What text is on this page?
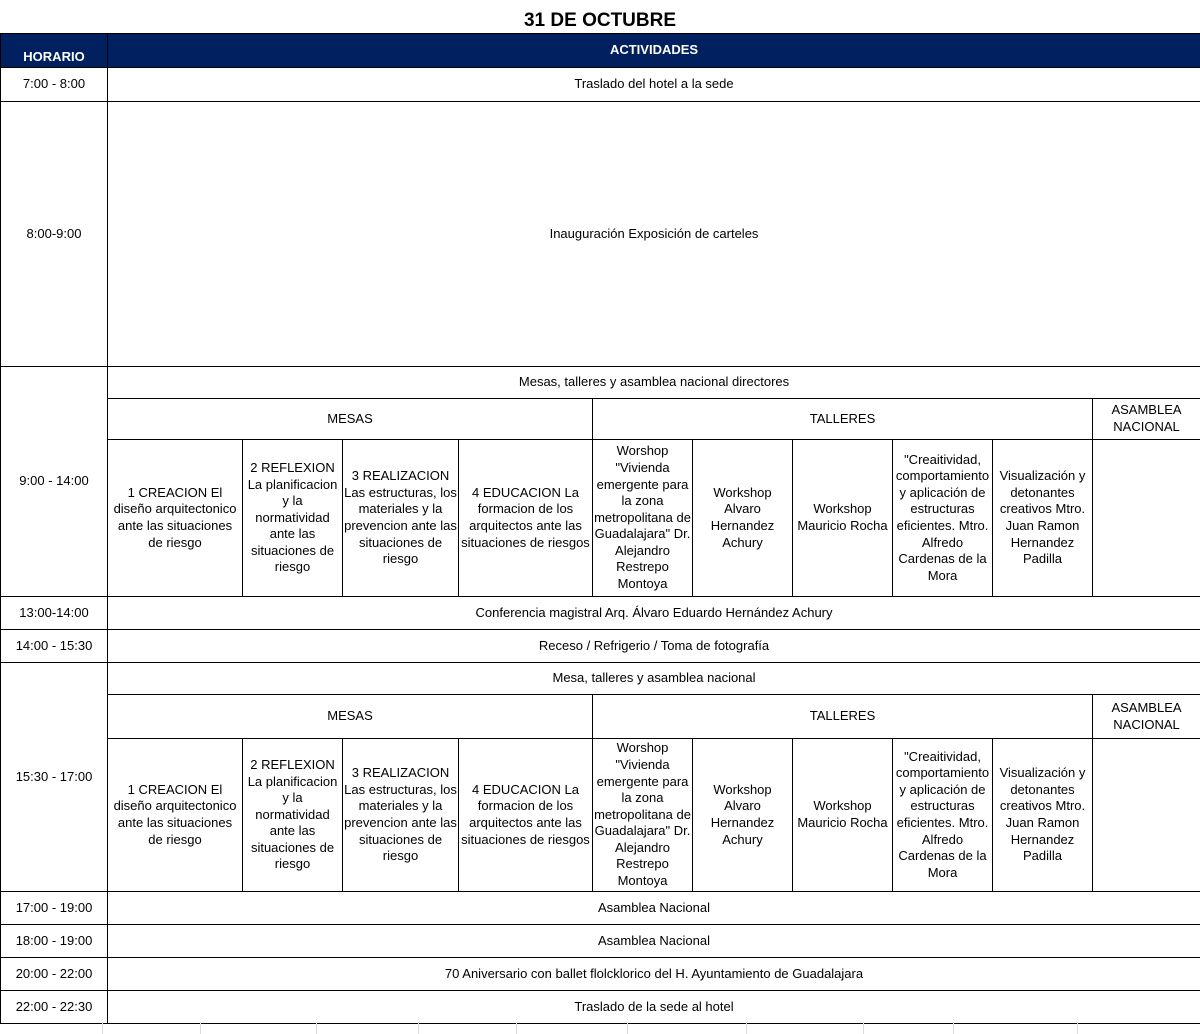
31 DE OCTUBRE
HORARIO	ACTIVIDADES									
7:00 - 8:00	Traslado del hotel a la sede									
8:00-9:00	Inauguración Exposición de carteles									
9:00 - 14:00	Mesas, talleres y asamblea nacional directores									
	MESAS				TALLERES					ASAMBLEA NACIONAL
	1 CREACION El diseño arquitectonico ante las situaciones de riesgo	2 REFLEXION La planificacion y la normatividad ante las situaciones de riesgo	3 REALIZACION Las estructuras, los materiales y la prevencion ante las situaciones de riesgo	4 EDUCACION La formacion de los arquitectos ante las situaciones de riesgos	Worshop "Vivienda emergente para la zona metropolitana de Guadalajara" Dr. Alejandro Restrepo Montoya	Workshop Alvaro Hernandez Achury	Workshop Mauricio Rocha	"Creaitividad, comportamiento y aplicación de estructuras eficientes. Mtro. Alfredo Cardenas de la Mora	Visualización y detonantes creativos Mtro. Juan Ramon Hernandez Padilla	
13:00-14:00	Conferencia magistral Arq. Álvaro Eduardo Hernández Achury									
14:00 - 15:30	Receso / Refrigerio / Toma de fotografía									
15:30 - 17:00	Mesa, talleres y asamblea nacional									
	MESAS				TALLERES					ASAMBLEA NACIONAL
	1 CREACION El diseño arquitectonico ante las situaciones de riesgo	2 REFLEXION La planificacion y la normatividad ante las situaciones de riesgo	3 REALIZACION Las estructuras, los materiales y la prevencion ante las situaciones de riesgo	4 EDUCACION La formacion de los arquitectos ante las situaciones de riesgos	Worshop "Vivienda emergente para la zona metropolitana de Guadalajara" Dr. Alejandro Restrepo Montoya	Workshop Alvaro Hernandez Achury	Workshop Mauricio Rocha	"Creaitividad, comportamiento y aplicación de estructuras eficientes. Mtro. Alfredo Cardenas de la Mora	Visualización y detonantes creativos Mtro. Juan Ramon Hernandez Padilla	
17:00 - 19:00	Asamblea Nacional									
18:00 - 19:00	Asamblea Nacional									
20:00 - 22:00	70 Aniversario con ballet flolcklorico del H. Ayuntamiento de Guadalajara									
22:00 - 22:30	Traslado de la sede al hotel									
